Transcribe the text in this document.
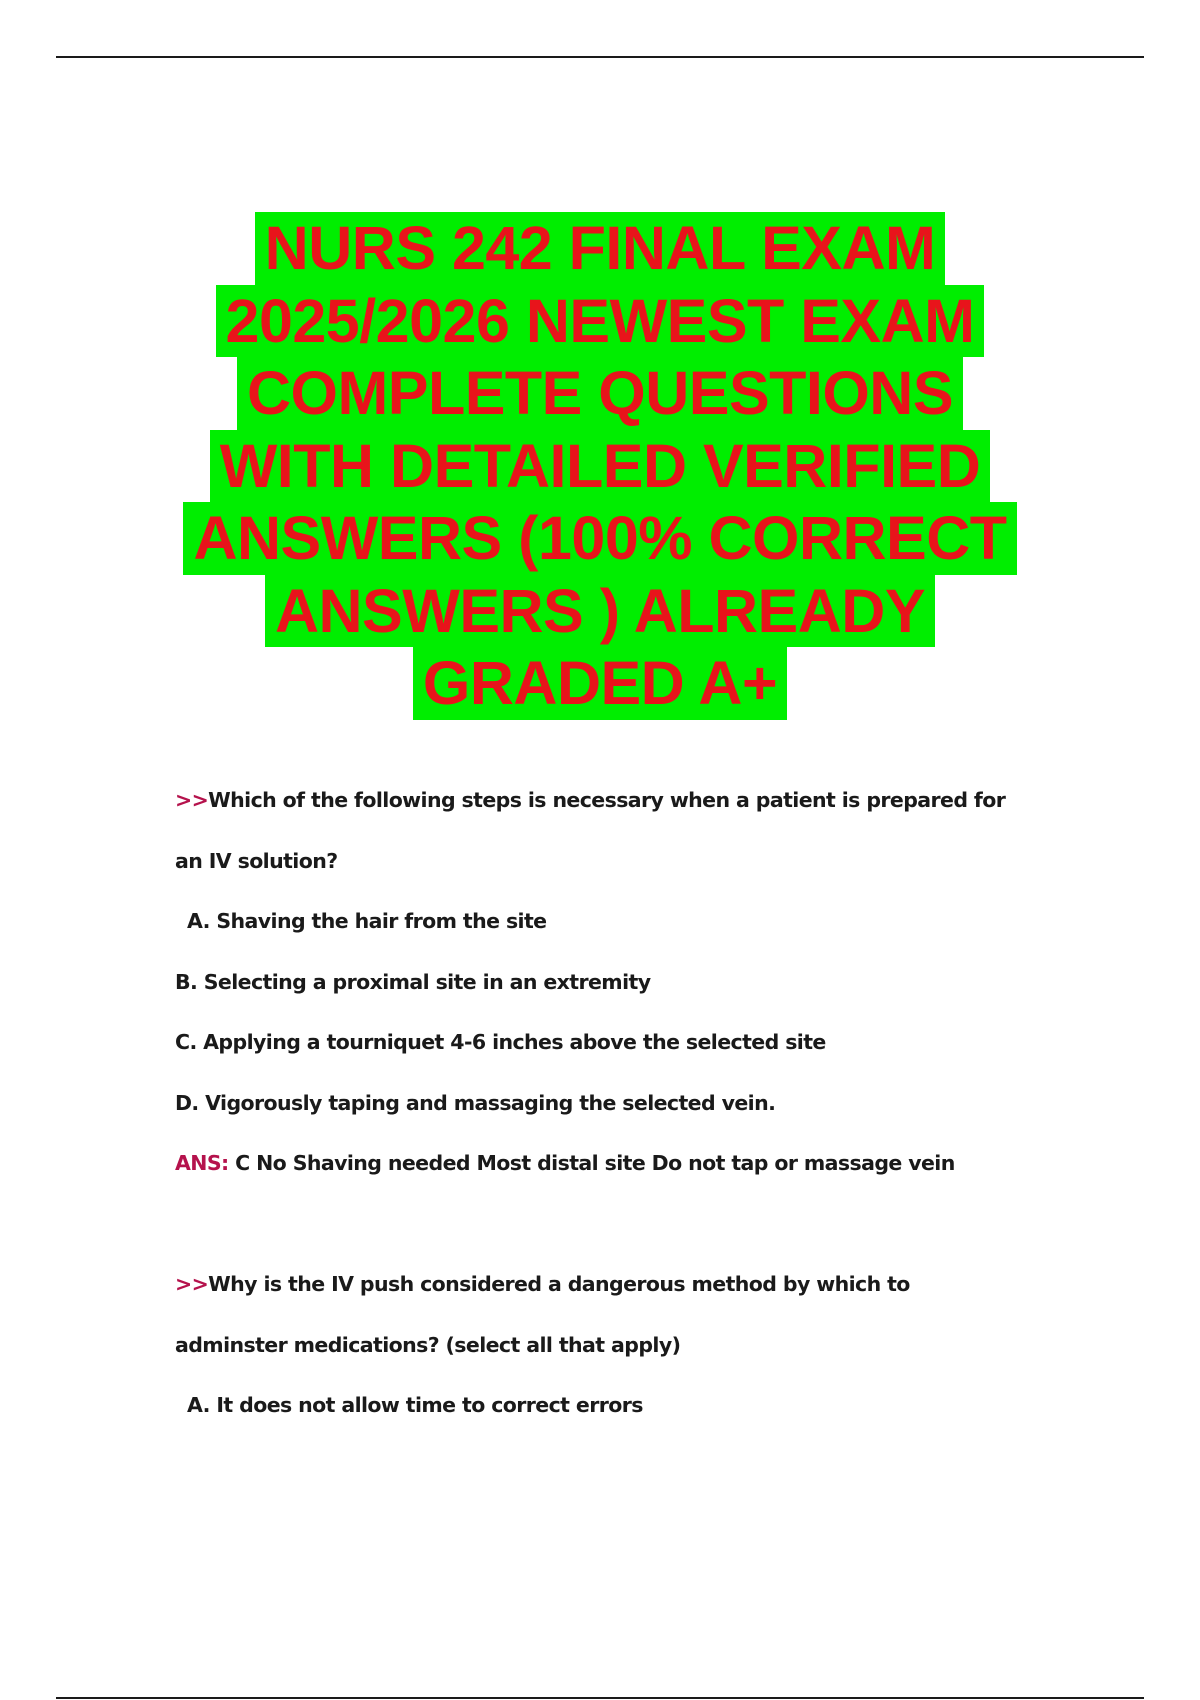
NURS 242 FINAL EXAM
2025/2026 NEWEST EXAM
COMPLETE QUESTIONS
WITH DETAILED VERIFIED
ANSWERS (100% CORRECT
ANSWERS ) ALREADY
GRADED A+
>>Which of the following steps is necessary when a patient is prepared for
an IV solution?
A. Shaving the hair from the site
B. Selecting a proximal site in an extremity
C. Applying a tourniquet 4-6 inches above the selected site
D. Vigorously taping and massaging the selected vein.
ANS: C No Shaving needed Most distal site Do not tap or massage vein
>>Why is the IV push considered a dangerous method by which to
adminster medications? (select all that apply)
A. It does not allow time to correct errors
